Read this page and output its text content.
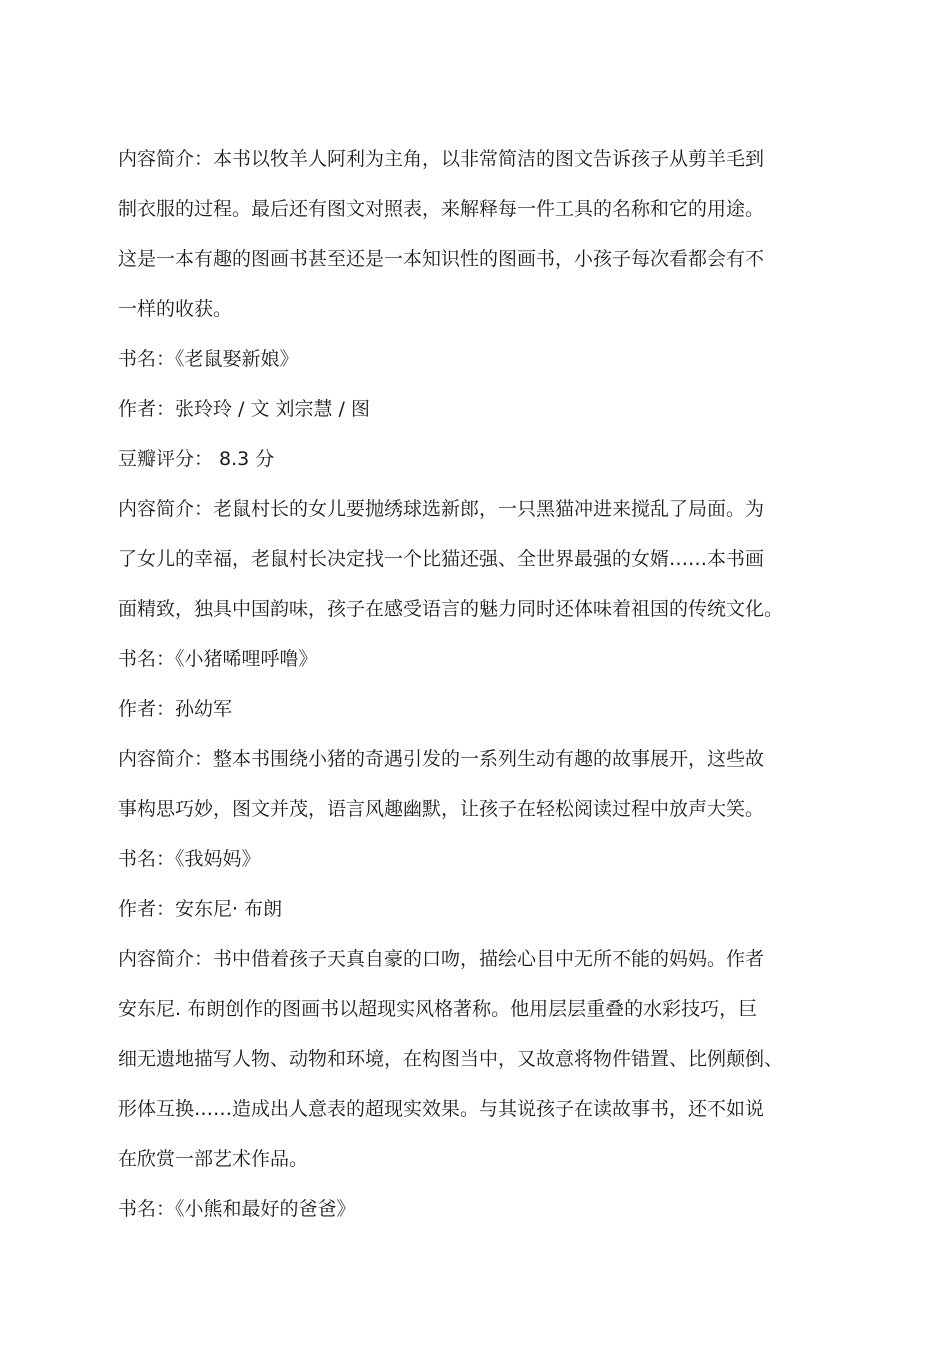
内容简介：本书以牧羊人阿利为主角，以非常简洁的图文告诉孩子从剪羊毛到
制衣服的过程。最后还有图文对照表，来解释每一件工具的名称和它的用途。
这是一本有趣的图画书甚至还是一本知识性的图画书，小孩子每次看都会有不
一样的收获。
书名：《老鼠娶新娘》
作者：张玲玲 / 文 刘宗慧 / 图
豆瓣评分： 8.3 分
内容简介：老鼠村长的女儿要抛绣球选新郎，一只黑猫冲进来搅乱了局面。为
了女儿的幸福，老鼠村长决定找一个比猫还强、全世界最强的女婿……本书画
面精致，独具中国韵味，孩子在感受语言的魅力同时还体味着祖国的传统文化。
书名：《小猪唏哩呼噜》
作者：孙幼军
内容简介：整本书围绕小猪的奇遇引发的一系列生动有趣的故事展开，这些故
事构思巧妙，图文并茂，语言风趣幽默，让孩子在轻松阅读过程中放声大笑。
书名：《我妈妈》
作者：安东尼· 布朗
内容简介：书中借着孩子天真自豪的口吻，描绘心目中无所不能的妈妈。作者
安东尼. 布朗创作的图画书以超现实风格著称。他用层层重叠的水彩技巧，巨
细无遗地描写人物、动物和环境，在构图当中，又故意将物件错置、比例颠倒、
形体互换……造成出人意表的超现实效果。与其说孩子在读故事书，还不如说
在欣赏一部艺术作品。
书名：《小熊和最好的爸爸》
